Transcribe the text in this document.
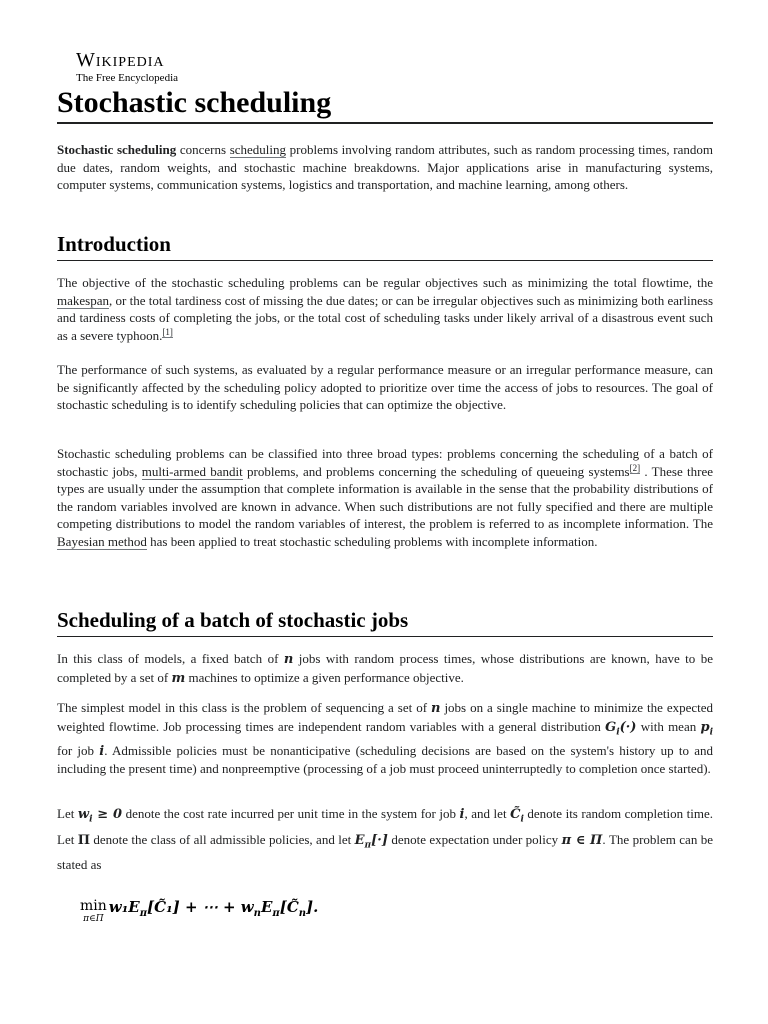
Wikipedia
The Free Encyclopedia
Stochastic scheduling

Stochastic scheduling concerns scheduling problems involving random attributes, such as random processing times, random due dates, random weights, and stochastic machine breakdowns. Major applications arise in manufacturing systems, computer systems, communication systems, logistics and transportation, and machine learning, among others.

Introduction

The objective of the stochastic scheduling problems can be regular objectives such as minimizing the total flowtime, the makespan, or the total tardiness cost of missing the due dates; or can be irregular objectives such as minimizing both earliness and tardiness costs of completing the jobs, or the total cost of scheduling tasks under likely arrival of a disastrous event such as a severe typhoon.[1]

The performance of such systems, as evaluated by a regular performance measure or an irregular performance measure, can be significantly affected by the scheduling policy adopted to prioritize over time the access of jobs to resources. The goal of stochastic scheduling is to identify scheduling policies that can optimize the objective.

Stochastic scheduling problems can be classified into three broad types: problems concerning the scheduling of a batch of stochastic jobs, multi-armed bandit problems, and problems concerning the scheduling of queueing systems[2] . These three types are usually under the assumption that complete information is available in the sense that the probability distributions of the random variables involved are known in advance. When such distributions are not fully specified and there are multiple competing distributions to model the random variables of interest, the problem is referred to as incomplete information. The Bayesian method has been applied to treat stochastic scheduling problems with incomplete information.

Scheduling of a batch of stochastic jobs

In this class of models, a fixed batch of n jobs with random process times, whose distributions are known, have to be completed by a set of m machines to optimize a given performance objective.

The simplest model in this class is the problem of sequencing a set of n jobs on a single machine to minimize the expected weighted flowtime. Job processing times are independent random variables with a general distribution $G_i(\cdot)$ with mean $p_i$ for job i. Admissible policies must be nonanticipative (scheduling decisions are based on the system's history up to and including the present time) and nonpreemptive (processing of a job must proceed uninterruptedly to completion once started).

Let $w_i \ge 0$ denote the cost rate incurred per unit time in the system for job i, and let $C̃_i$ denote its random completion time. Let Π denote the class of all admissible policies, and let $E_\pi[\cdot]$ denote expectation under policy π ∈ Π. The problem can be stated as

min
π∈Π
$w_1E_\pi[C̃_1]$ + ⋯ + $w_nE_\pi[C̃_n]$.
